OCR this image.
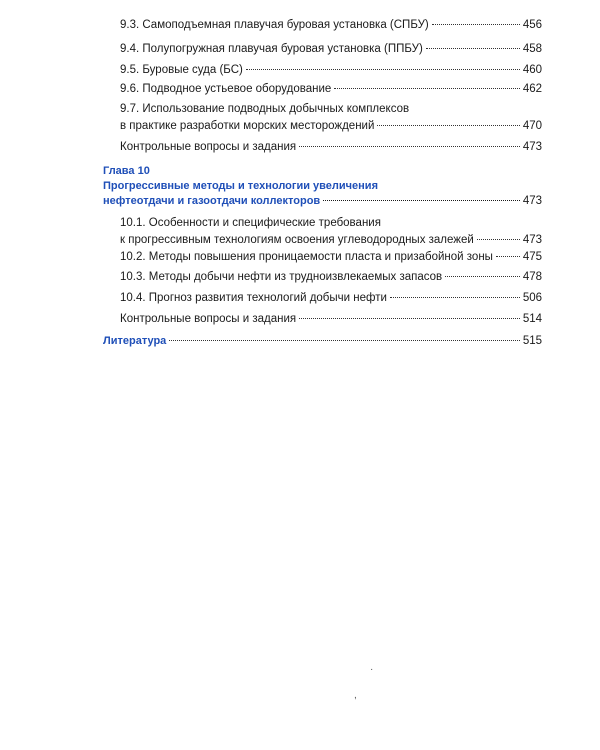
9.3. Самоподъемная плавучая буровая установка (СПБУ)	456
9.4. Полупогружная плавучая буровая установка (ППБУ)	458
9.5. Буровые суда (БС)	460
9.6. Подводное устьевое оборудование	462
9.7. Использование подводных добычных комплексов
в практике разработки морских месторождений	470
Контрольные вопросы и задания	473
Глава 10
Прогрессивные методы и технологии увеличения
нефтеотдачи и газоотдачи коллекторов	473
10.1. Особенности и специфические требования
к прогрессивным технологиям освоения углеводородных залежей	473
10.2. Методы повышения проницаемости пласта и призабойной зоны	475
10.3. Методы добычи нефти из трудноизвлекаемых запасов	478
10.4. Прогноз развития технологий добычи нефти	506
Контрольные вопросы и задания	514
Литература	515
·
,
